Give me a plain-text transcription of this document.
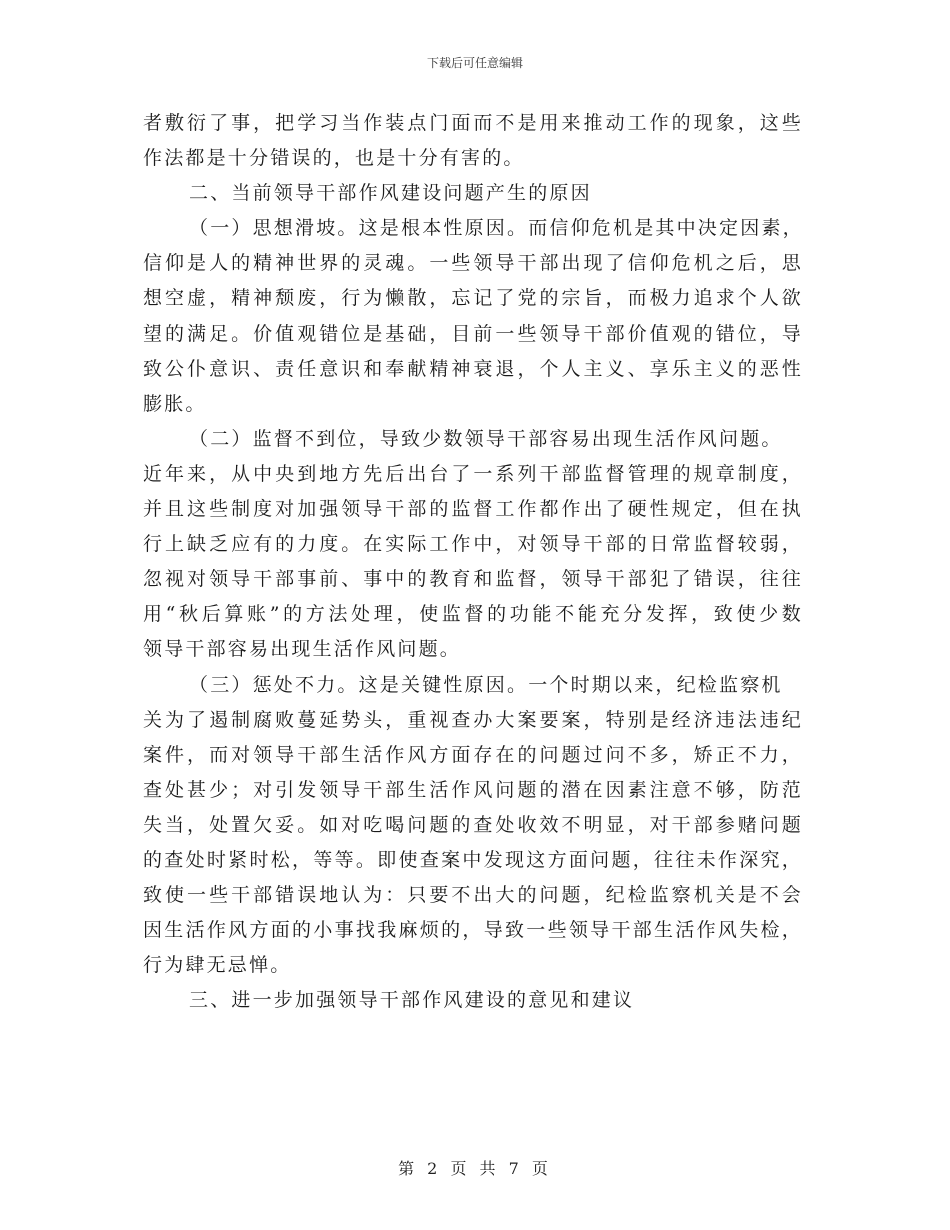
下载后可任意编辑
者敷衍了事，把学习当作装点门面而不是用来推动工作的现象，这些
作法都是十分错误的，也是十分有害的。
二、当前领导干部作风建设问题产生的原因
（一）思想滑坡。这是根本性原因。而信仰危机是其中决定因素，
信仰是人的精神世界的灵魂。一些领导干部出现了信仰危机之后，思
想空虚，精神颓废，行为懒散，忘记了党的宗旨，而极力追求个人欲
望的满足。价值观错位是基础，目前一些领导干部价值观的错位，导
致公仆意识、责任意识和奉献精神衰退，个人主义、享乐主义的恶性
膨胀。
（二）监督不到位，导致少数领导干部容易出现生活作风问题。
近年来，从中央到地方先后出台了一系列干部监督管理的规章制度，
并且这些制度对加强领导干部的监督工作都作出了硬性规定，但在执
行上缺乏应有的力度。在实际工作中，对领导干部的日常监督较弱，
忽视对领导干部事前、事中的教育和监督，领导干部犯了错误，往往
用“秋后算账”的方法处理，使监督的功能不能充分发挥，致使少数
领导干部容易出现生活作风问题。
（三）惩处不力。这是关键性原因。一个时期以来，纪检监察机
关为了遏制腐败蔓延势头，重视查办大案要案，特别是经济违法违纪
案件，而对领导干部生活作风方面存在的问题过问不多，矫正不力，
查处甚少；对引发领导干部生活作风问题的潜在因素注意不够，防范
失当，处置欠妥。如对吃喝问题的查处收效不明显，对干部参赌问题
的查处时紧时松，等等。即使查案中发现这方面问题，往往未作深究，
致使一些干部错误地认为：只要不出大的问题，纪检监察机关是不会
因生活作风方面的小事找我麻烦的，导致一些领导干部生活作风失检，
行为肆无忌惮。
三、进一步加强领导干部作风建设的意见和建议
第 2 页 共 7 页
